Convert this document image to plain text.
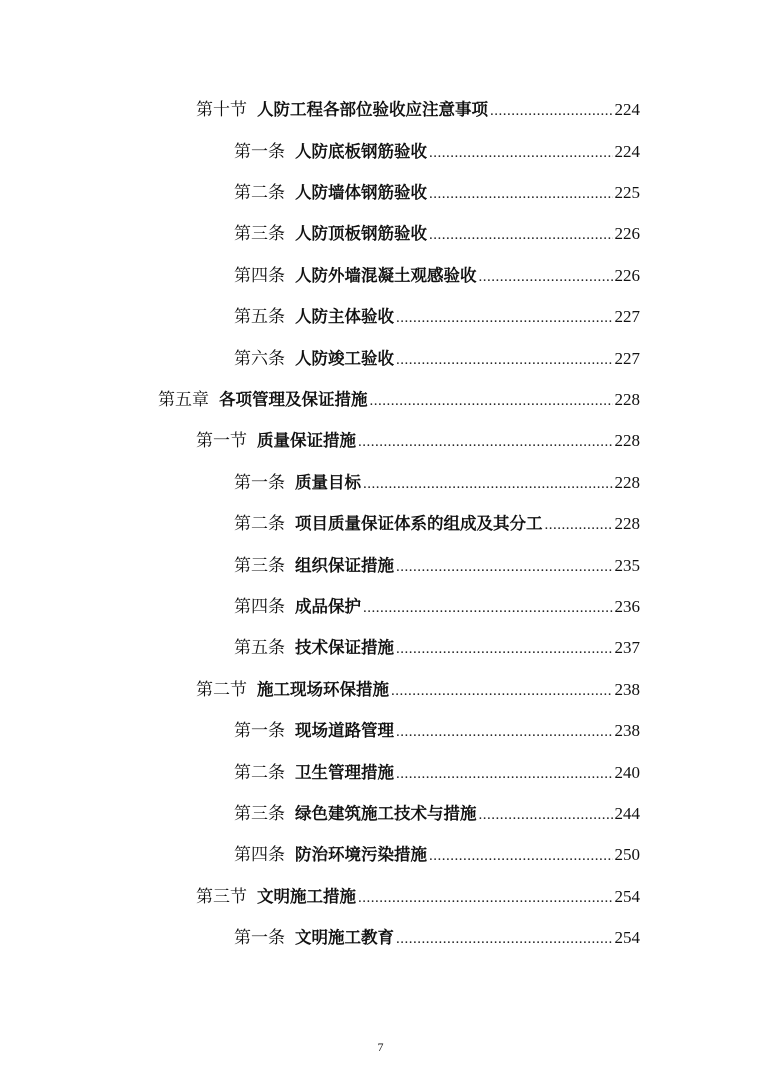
第十节 人防工程各部位验收应注意事项 .....	224
第一条 人防底板钢筋验收 .....	224
第二条 人防墙体钢筋验收 .....	225
第三条 人防顶板钢筋验收 .....	226
第四条 人防外墙混凝土观感验收 .....	226
第五条 人防主体验收 .....	227
第六条 人防竣工验收 .....	227
第五章 各项管理及保证措施 .....	228
第一节 质量保证措施 .....	228
第一条 质量目标 .....	228
第二条 项目质量保证体系的组成及其分工 .....	228
第三条 组织保证措施 .....	235
第四条 成品保护 .....	236
第五条 技术保证措施 .....	237
第二节 施工现场环保措施 .....	238
第一条 现场道路管理 .....	238
第二条 卫生管理措施 .....	240
第三条 绿色建筑施工技术与措施 .....	244
第四条 防治环境污染措施 .....	250
第三节 文明施工措施 .....	254
第一条 文明施工教育 .....	254
7
